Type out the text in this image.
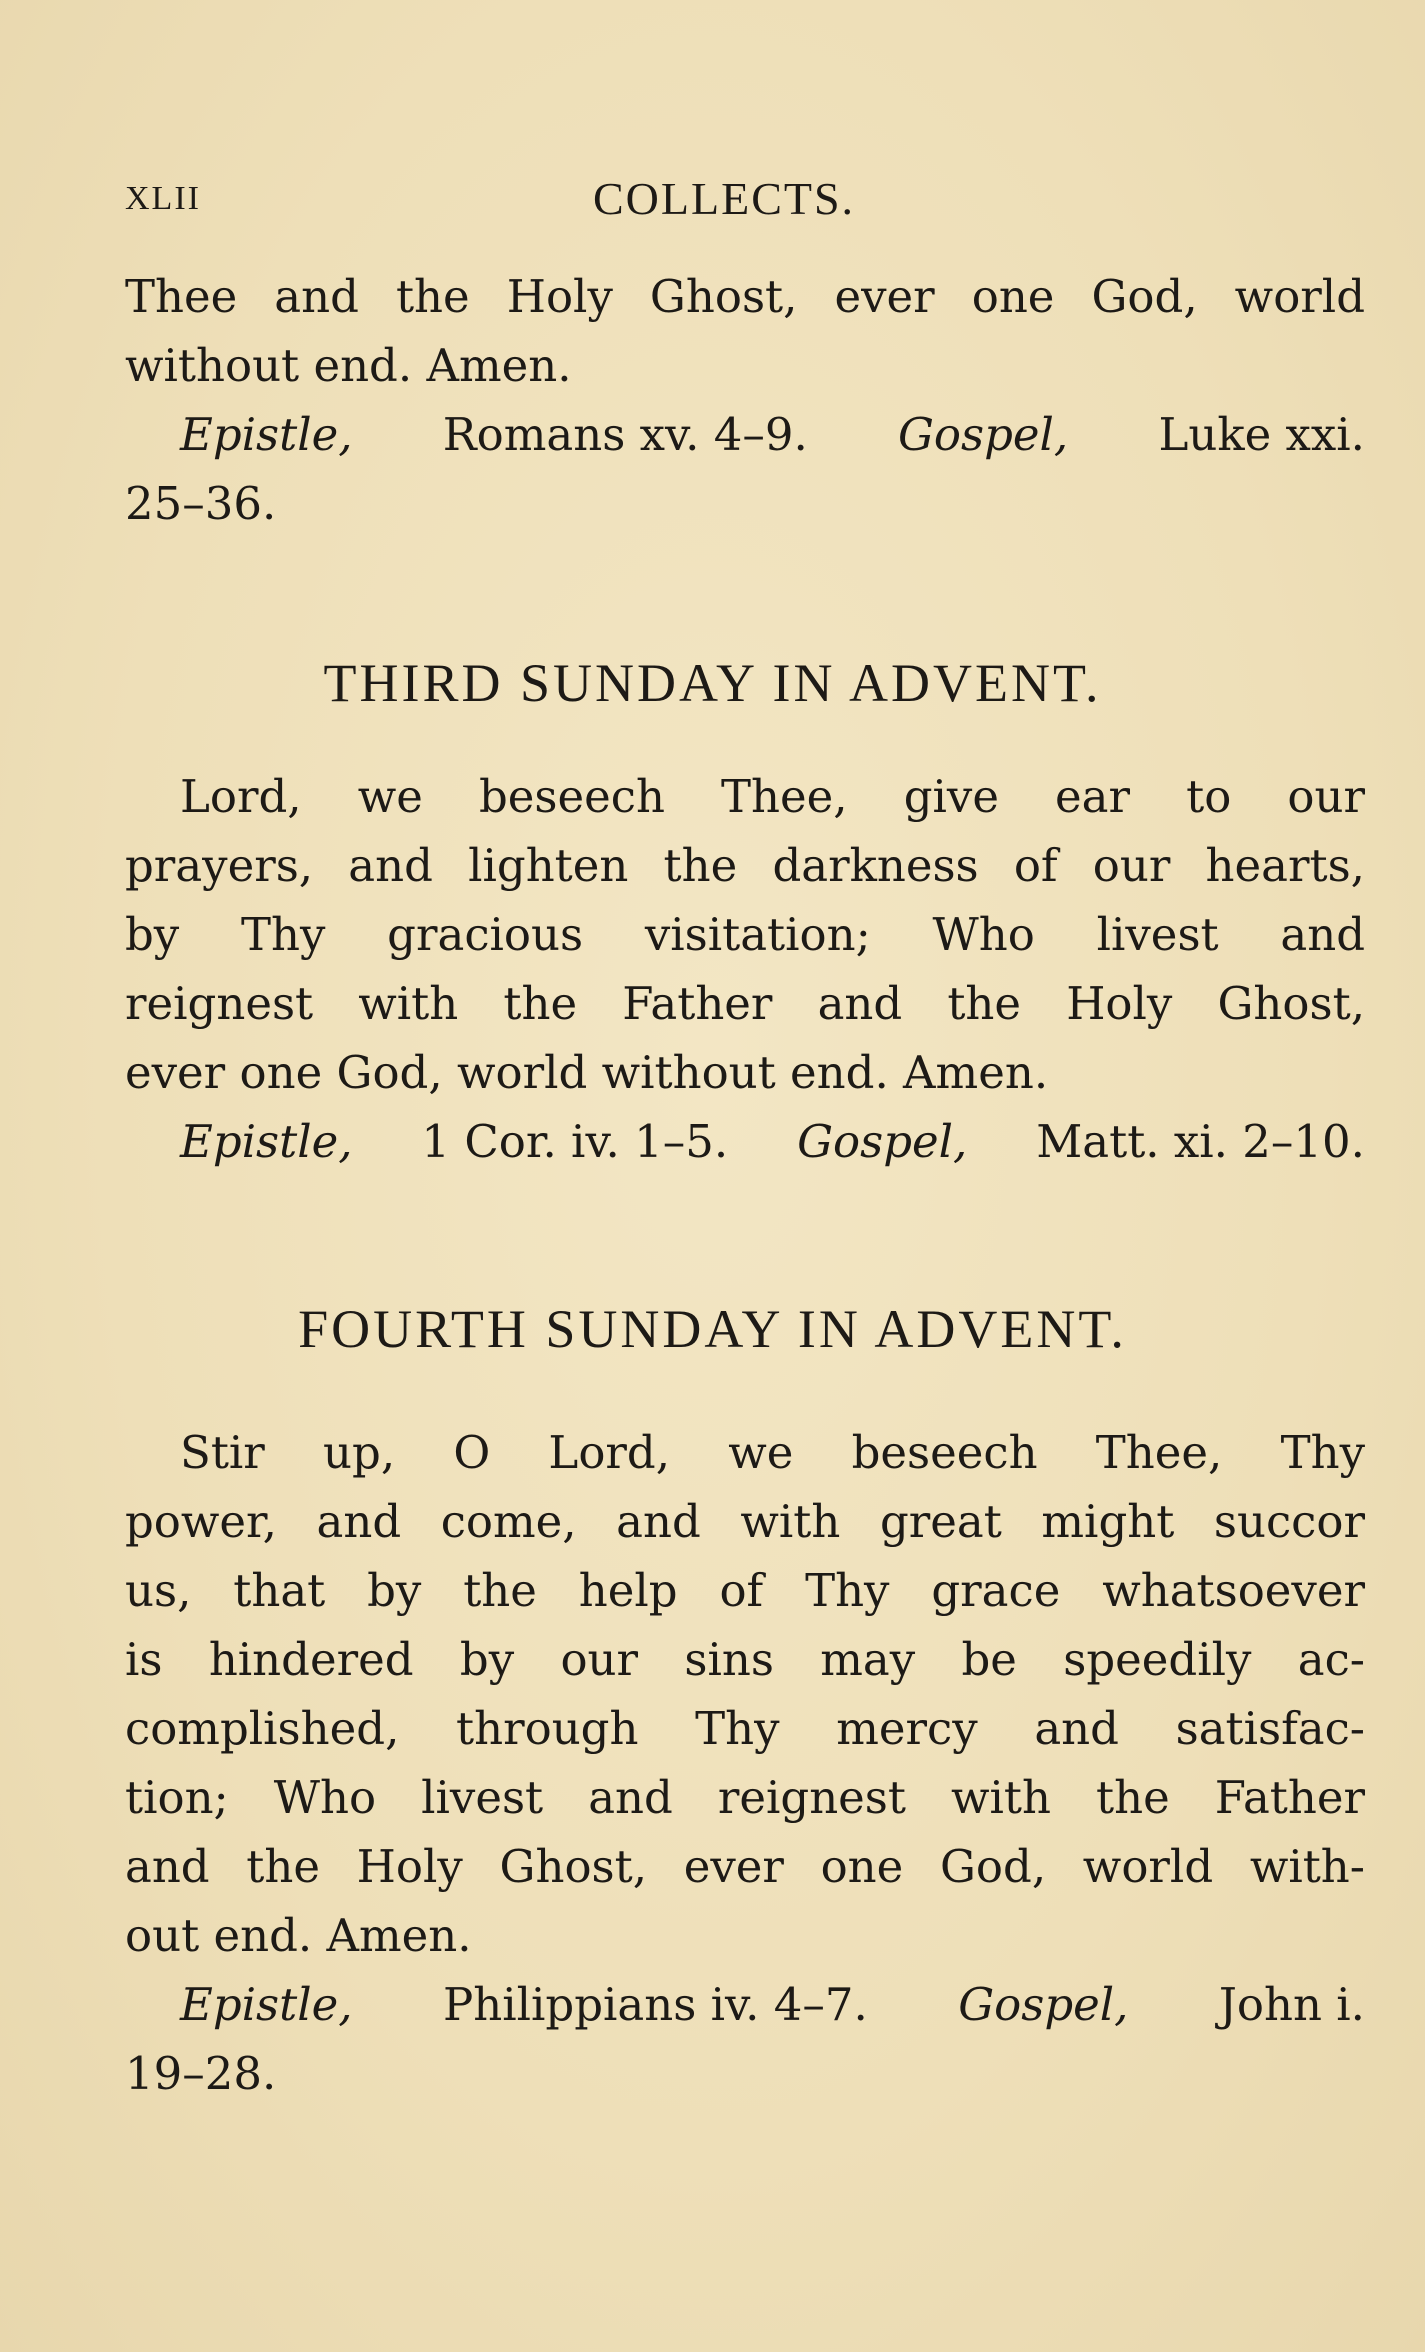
XLII	COLLECTS.
Thee and the Holy Ghost, ever one God, world
without end. Amen.
Epistle, Romans xv. 4–9. Gospel, Luke xxi.
25–36.
THIRD SUNDAY IN ADVENT.
Lord, we beseech Thee, give ear to our
prayers, and lighten the darkness of our hearts,
by Thy gracious visitation; Who livest and
reignest with the Father and the Holy Ghost,
ever one God, world without end. Amen.
Epistle, 1 Cor. iv. 1–5. Gospel, Matt. xi. 2–10.
FOURTH SUNDAY IN ADVENT.
Stir up, O Lord, we beseech Thee, Thy
power, and come, and with great might succor
us, that by the help of Thy grace whatsoever
is hindered by our sins may be speedily ac-
complished, through Thy mercy and satisfac-
tion; Who livest and reignest with the Father
and the Holy Ghost, ever one God, world with-
out end. Amen.
Epistle, Philippians iv. 4–7. Gospel, John i.
19–28.
